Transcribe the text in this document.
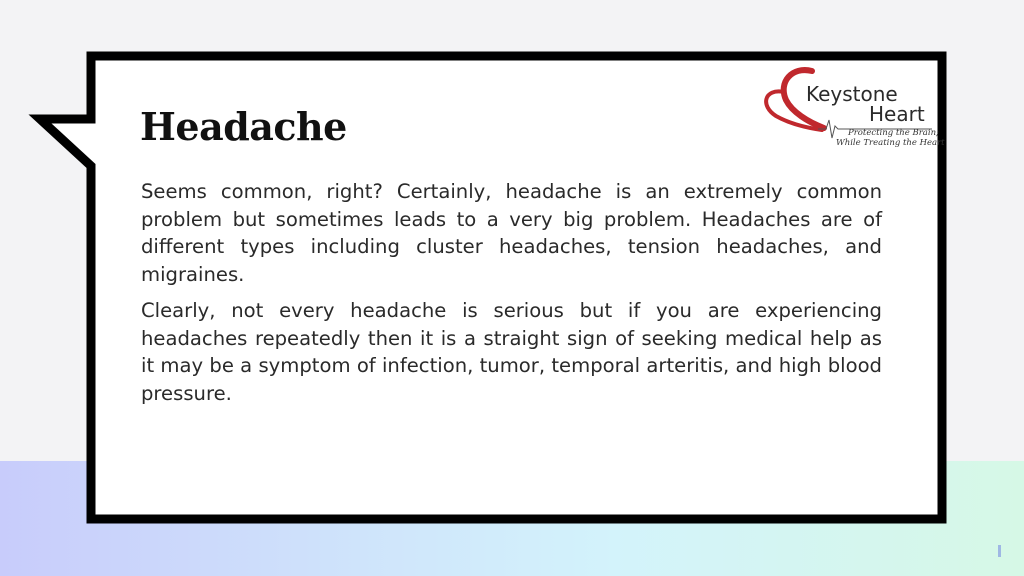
Keystone
Heart
Protecting the Brain;
While Treating the Heart
Headache

Seems common, right? Certainly, headache is an extremely common problem but sometimes leads to a very big problem. Headaches are of different types including cluster headaches, tension headaches, and migraines.

Clearly, not every headache is serious but if you are experiencing headaches repeatedly then it is a straight sign of seeking medical help as it may be a symptom of infection, tumor, temporal arteritis, and high blood pressure.
